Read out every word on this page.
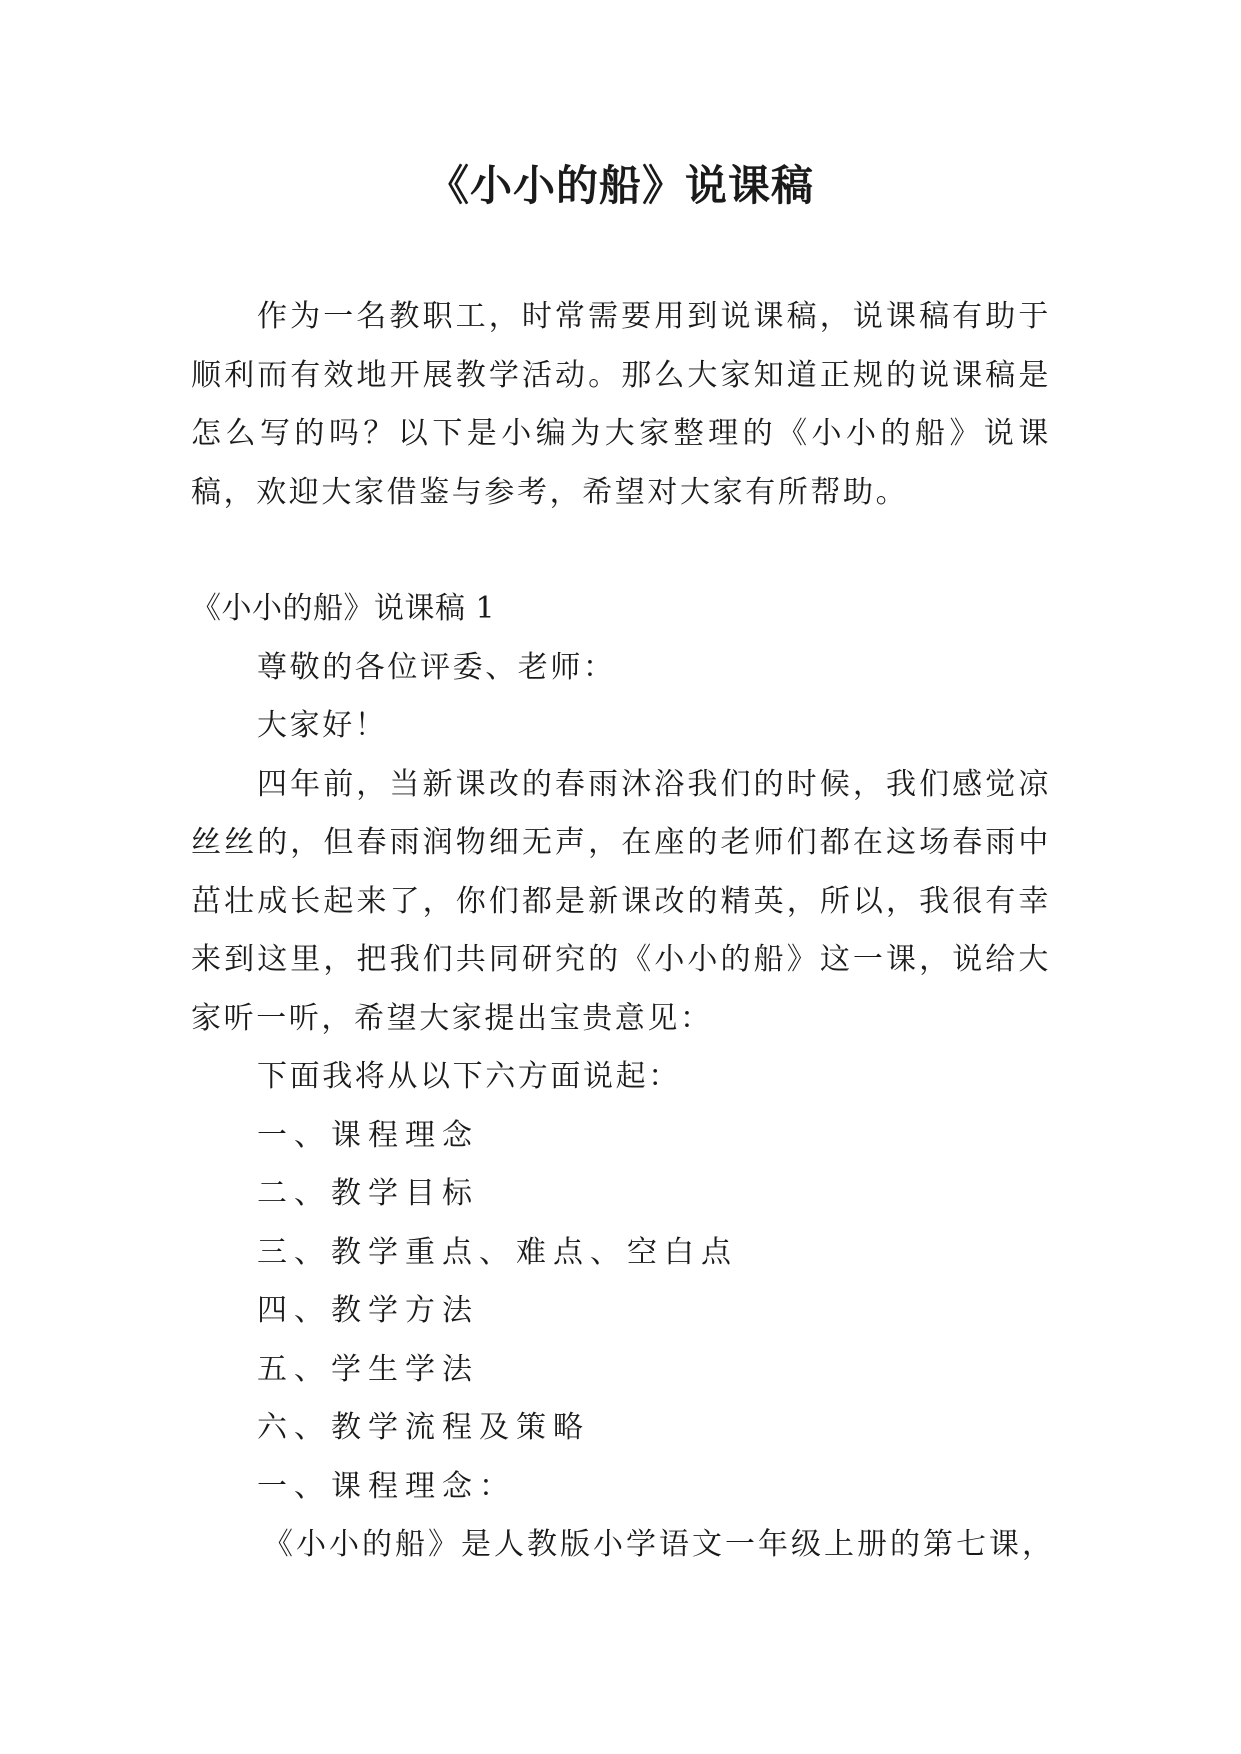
《小小的船》说课稿

作为一名教职工，时常需要用到说课稿，说课稿有助于顺利而有效地开展教学活动。那么大家知道正规的说课稿是怎么写的吗？以下是小编为大家整理的《小小的船》说课稿，欢迎大家借鉴与参考，希望对大家有所帮助。

《小小的船》说课稿 1

尊敬的各位评委、老师：

大家好！

四年前，当新课改的春雨沐浴我们的时候，我们感觉凉丝丝的，但春雨润物细无声，在座的老师们都在这场春雨中茁壮成长起来了，你们都是新课改的精英，所以，我很有幸来到这里，把我们共同研究的《小小的船》这一课，说给大家听一听，希望大家提出宝贵意见：

下面我将从以下六方面说起：

一、课程理念

二、教学目标

三、教学重点、难点、空白点

四、教学方法

五、学生学法

六、教学流程及策略

一、课程理念：

《小小的船》是人教版小学语文一年级上册的第七课，
